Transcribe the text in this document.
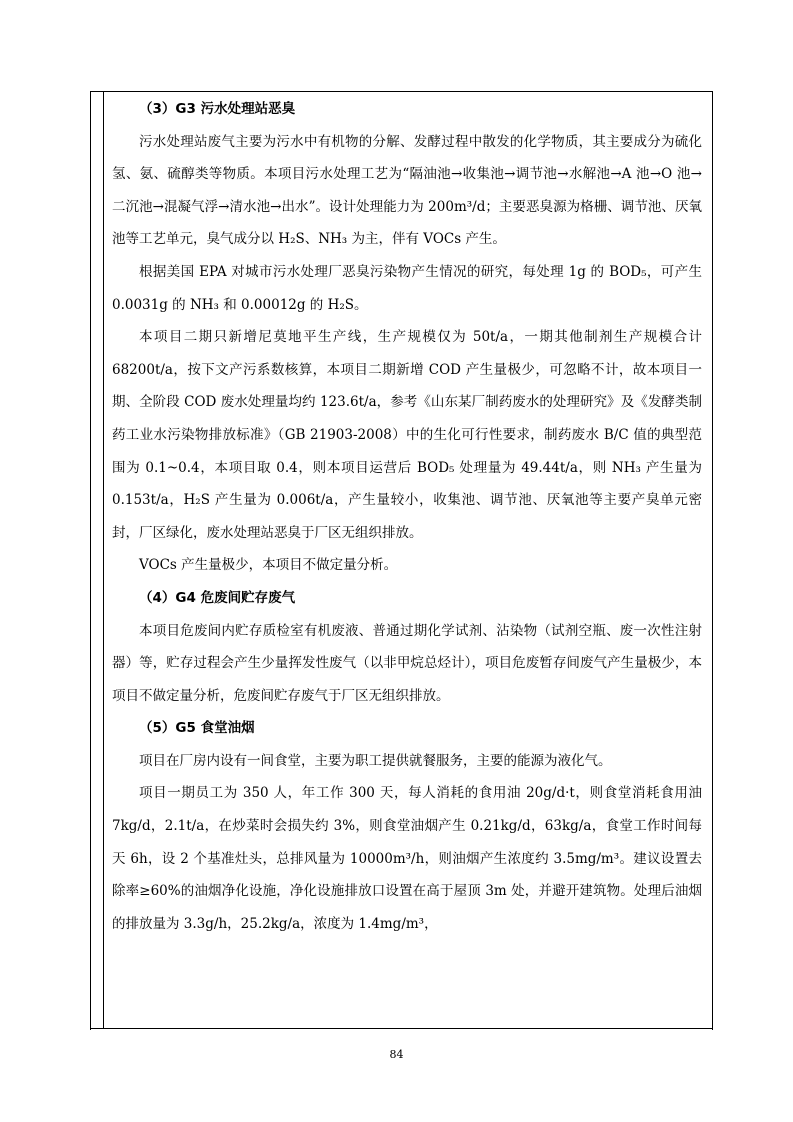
（3）G3 污水处理站恶臭

污水处理站废气主要为污水中有机物的分解、发酵过程中散发的化学物质，其主要成分为硫化氢、氨、硫醇类等物质。本项目污水处理工艺为“隔油池→收集池→调节池→水解池→A 池→O 池→二沉池→混凝气浮→清水池→出水”。设计处理能力为 200m³/d；主要恶臭源为格栅、调节池、厌氧池等工艺单元，臭气成分以 H₂S、NH₃ 为主，伴有 VOCs 产生。

根据美国 EPA 对城市污水处理厂恶臭污染物产生情况的研究，每处理 1g 的 BOD₅，可产生 0.0031g 的 NH₃ 和 0.00012g 的 H₂S。

本项目二期只新增尼莫地平生产线，生产规模仅为 50t/a，一期其他制剂生产规模合计 68200t/a，按下文产污系数核算，本项目二期新增 COD 产生量极少，可忽略不计，故本项目一期、全阶段 COD 废水处理量均约 123.6t/a，参考《山东某厂制药废水的处理研究》及《发酵类制药工业水污染物排放标准》（GB 21903-2008）中的生化可行性要求，制药废水 B/C 值的典型范围为 0.1~0.4，本项目取 0.4，则本项目运营后 BOD₅ 处理量为 49.44t/a，则 NH₃ 产生量为 0.153t/a，H₂S 产生量为 0.006t/a，产生量较小，收集池、调节池、厌氧池等主要产臭单元密封，厂区绿化，废水处理站恶臭于厂区无组织排放。

VOCs 产生量极少，本项目不做定量分析。

（4）G4 危废间贮存废气

本项目危废间内贮存质检室有机废液、普通过期化学试剂、沾染物（试剂空瓶、废一次性注射器）等，贮存过程会产生少量挥发性废气（以非甲烷总烃计），项目危废暂存间废气产生量极少，本项目不做定量分析，危废间贮存废气于厂区无组织排放。

（5）G5 食堂油烟

项目在厂房内设有一间食堂，主要为职工提供就餐服务，主要的能源为液化气。

项目一期员工为 350 人，年工作 300 天，每人消耗的食用油 20g/d·t，则食堂消耗食用油 7kg/d，2.1t/a，在炒菜时会损失约 3%，则食堂油烟产生 0.21kg/d，63kg/a，食堂工作时间每天 6h，设 2 个基准灶头，总排风量为 10000m³/h，则油烟产生浓度约 3.5mg/m³。建议设置去除率≥60%的油烟净化设施，净化设施排放口设置在高于屋顶 3m 处，并避开建筑物。处理后油烟的排放量为 3.3g/h，25.2kg/a，浓度为 1.4mg/m³，

84
